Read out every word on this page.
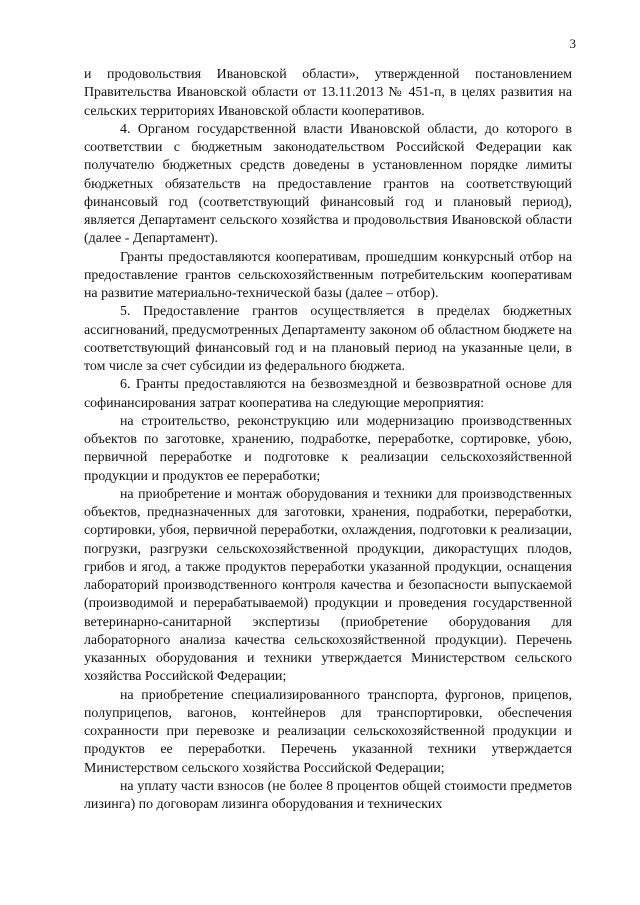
3

и продовольствия Ивановской области», утвержденной постановлением Правительства Ивановской области от 13.11.2013 № 451-п, в целях развития на сельских территориях Ивановской области кооперативов.

4. Органом государственной власти Ивановской области, до которого в соответствии с бюджетным законодательством Российской Федерации как получателю бюджетных средств доведены в установленном порядке лимиты бюджетных обязательств на предоставление грантов на соответствующий финансовый год (соответствующий финансовый год и плановый период), является Департамент сельского хозяйства и продовольствия Ивановской области (далее - Департамент).

Гранты предоставляются кооперативам, прошедшим конкурсный отбор на предоставление грантов сельскохозяйственным потребительским кооперативам на развитие материально-технической базы (далее – отбор).

5. Предоставление грантов осуществляется в пределах бюджетных ассигнований, предусмотренных Департаменту законом об областном бюджете на соответствующий финансовый год и на плановый период на указанные цели, в том числе за счет субсидии из федерального бюджета.

6. Гранты предоставляются на безвозмездной и безвозвратной основе для софинансирования затрат кооператива на следующие мероприятия:

на строительство, реконструкцию или модернизацию производственных объектов по заготовке, хранению, подработке, переработке, сортировке, убою, первичной переработке и подготовке к реализации сельскохозяйственной продукции и продуктов ее переработки;

на приобретение и монтаж оборудования и техники для производственных объектов, предназначенных для заготовки, хранения, подработки, переработки, сортировки, убоя, первичной переработки, охлаждения, подготовки к реализации, погрузки, разгрузки сельскохозяйственной продукции, дикорастущих плодов, грибов и ягод, а также продуктов переработки указанной продукции, оснащения лабораторий производственного контроля качества и безопасности выпускаемой (производимой и перерабатываемой) продукции и проведения государственной ветеринарно-санитарной экспертизы (приобретение оборудования для лабораторного анализа качества сельскохозяйственной продукции). Перечень указанных оборудования и техники утверждается Министерством сельского хозяйства Российской Федерации;

на приобретение специализированного транспорта, фургонов, прицепов, полуприцепов, вагонов, контейнеров для транспортировки, обеспечения сохранности при перевозке и реализации сельскохозяйственной продукции и продуктов ее переработки. Перечень указанной техники утверждается Министерством сельского хозяйства Российской Федерации;

на уплату части взносов (не более 8 процентов общей стоимости предметов лизинга) по договорам лизинга оборудования и технических
